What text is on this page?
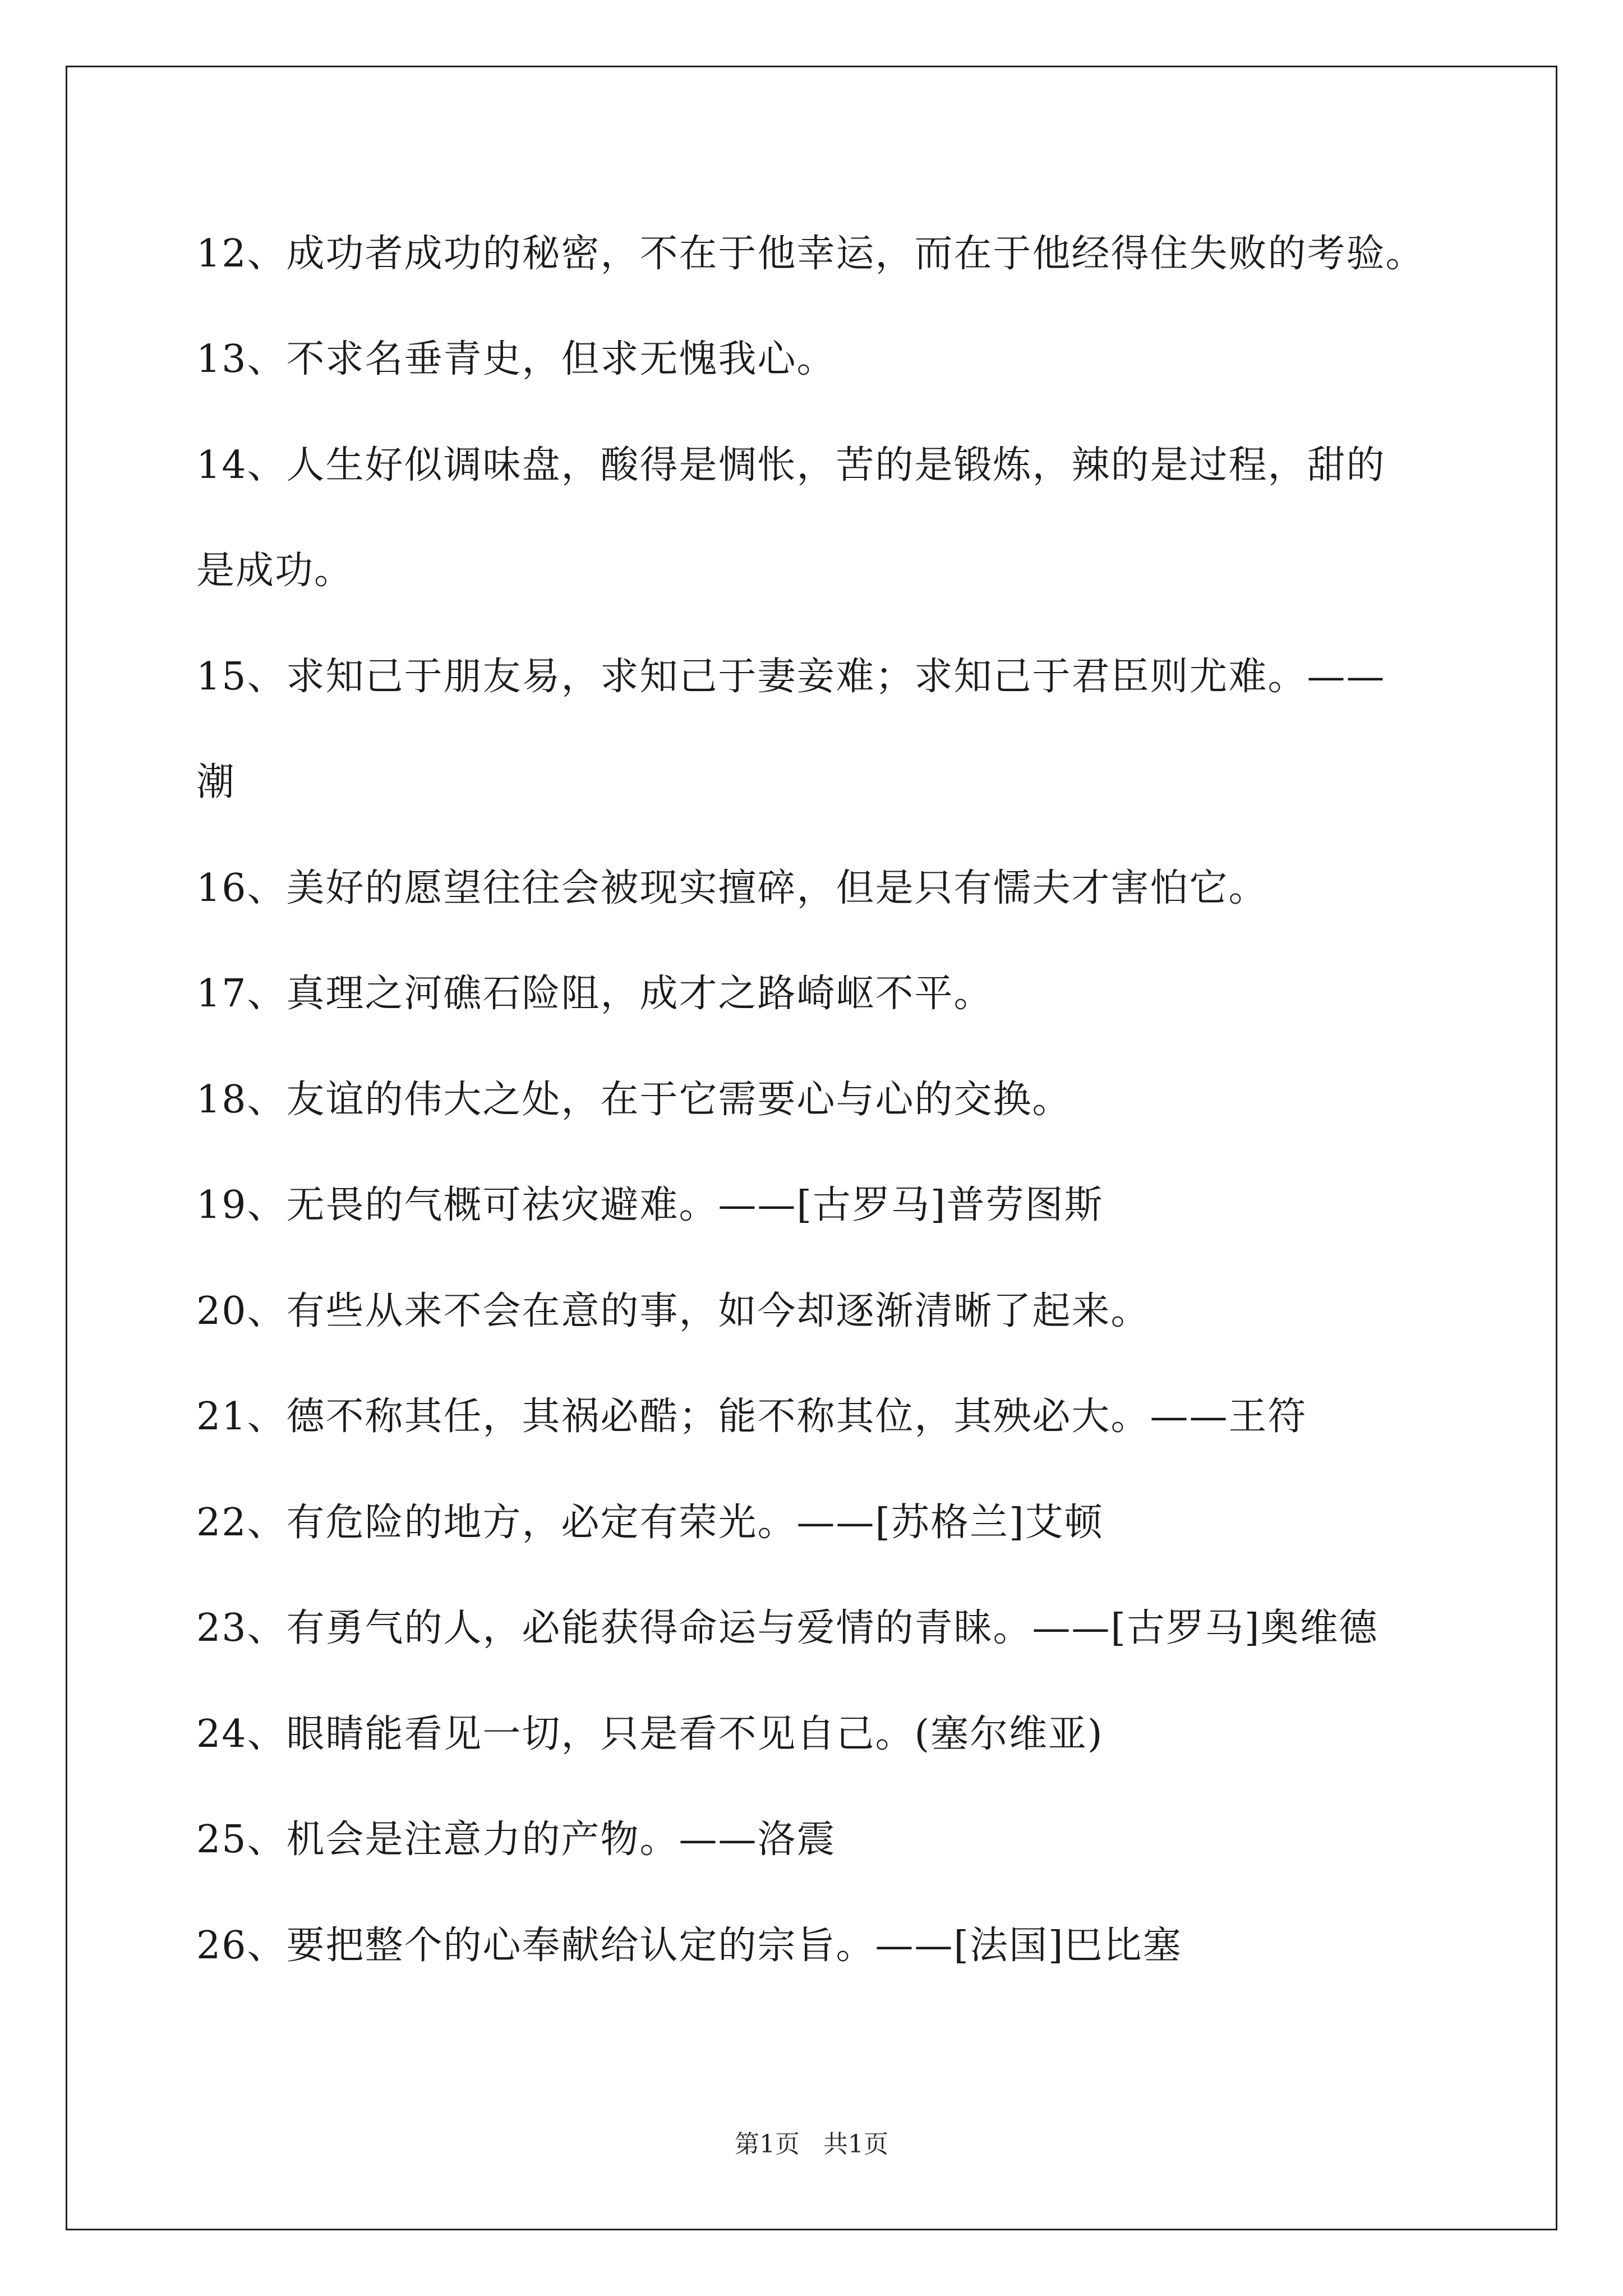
12、成功者成功的秘密，不在于他幸运，而在于他经得住失败的考验。
13、不求名垂青史，但求无愧我心。
14、人生好似调味盘，酸得是惆怅，苦的是锻炼，辣的是过程，甜的
是成功。
15、求知己于朋友易，求知己于妻妾难；求知己于君臣则尤难。——
潮
16、美好的愿望往往会被现实擅碎，但是只有懦夫才害怕它。
17、真理之河礁石险阻，成才之路崎岖不平。
18、友谊的伟大之处，在于它需要心与心的交换。
19、无畏的气概可祛灾避难。——[古罗马]普劳图斯
20、有些从来不会在意的事，如今却逐渐清晰了起来。
21、德不称其任，其祸必酷；能不称其位，其殃必大。——王符
22、有危险的地方，必定有荣光。——[苏格兰]艾顿
23、有勇气的人，必能获得命运与爱情的青睐。——[古罗马]奥维德
24、眼睛能看见一切，只是看不见自己。(塞尔维亚)
25、机会是注意力的产物。——洛震
26、要把整个的心奉献给认定的宗旨。——[法国]巴比塞
第1页 共1页
